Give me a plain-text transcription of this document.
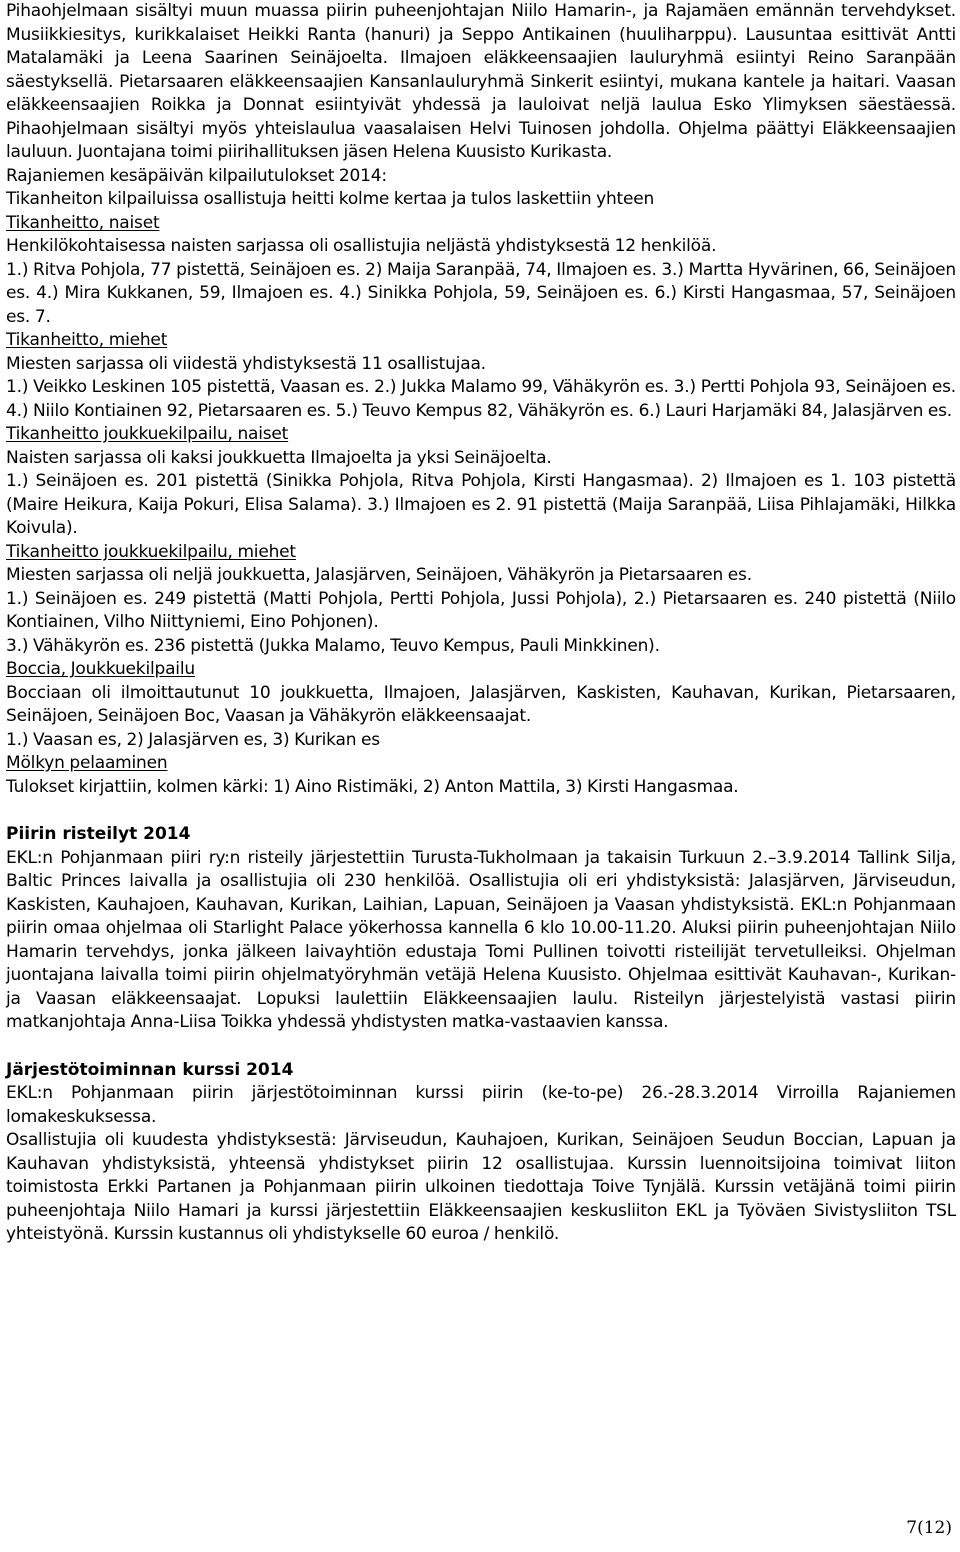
Pihaohjelmaan sisältyi muun muassa piirin puheenjohtajan Niilo Hamarin-, ja Rajamäen emännän tervehdykset. Musiikkiesitys, kurikkalaiset Heikki Ranta (hanuri) ja Seppo Antikainen (huuliharppu). Lausuntaa esittivät Antti Matalamäki ja Leena Saarinen Seinäjoelta. Ilmajoen eläkkeensaajien lauluryhmä esiintyi Reino Saranpään säestyksellä. Pietarsaaren eläkkeensaajien Kansanlauluryhmä Sinkerit esiintyi, mukana kantele ja haitari. Vaasan eläkkeensaajien Roikka ja Donnat esiintyivät yhdessä ja lauloivat neljä laulua Esko Ylimyksen säestäessä. Pihaohjelmaan sisältyi myös yhteislaulua vaasalaisen Helvi Tuinosen johdolla. Ohjelma päättyi Eläkkeensaajien lauluun. Juontajana toimi piirihallituksen jäsen Helena Kuusisto Kurikasta.

Rajaniemen kesäpäivän kilpailutulokset 2014:

Tikanheiton kilpailuissa osallistuja heitti kolme kertaa ja tulos laskettiin yhteen

Tikanheitto, naiset

Henkilökohtaisessa naisten sarjassa oli osallistujia neljästä yhdistyksestä 12 henkilöä.

1.) Ritva Pohjola, 77 pistettä, Seinäjoen es. 2) Maija Saranpää, 74, Ilmajoen es. 3.) Martta Hyvärinen, 66, Seinäjoen es. 4.) Mira Kukkanen, 59, Ilmajoen es. 4.) Sinikka Pohjola, 59, Seinäjoen es. 6.) Kirsti Hangasmaa, 57, Seinäjoen es. 7.

Tikanheitto, miehet

Miesten sarjassa oli viidestä yhdistyksestä 11 osallistujaa.

1.) Veikko Leskinen 105 pistettä, Vaasan es. 2.) Jukka Malamo 99, Vähäkyrön es. 3.) Pertti Pohjola 93, Seinäjoen es. 4.) Niilo Kontiainen 92, Pietarsaaren es. 5.) Teuvo Kempus 82, Vähäkyrön es. 6.) Lauri Harjamäki 84, Jalasjärven es.

Tikanheitto joukkuekilpailu, naiset

Naisten sarjassa oli kaksi joukkuetta Ilmajoelta ja yksi Seinäjoelta.

1.) Seinäjoen es. 201 pistettä (Sinikka Pohjola, Ritva Pohjola, Kirsti Hangasmaa). 2) Ilmajoen es 1. 103 pistettä (Maire Heikura, Kaija Pokuri, Elisa Salama). 3.) Ilmajoen es 2. 91 pistettä (Maija Saranpää, Liisa Pihlajamäki, Hilkka Koivula).

Tikanheitto joukkuekilpailu, miehet

Miesten sarjassa oli neljä joukkuetta, Jalasjärven, Seinäjoen, Vähäkyrön ja Pietarsaaren es.

1.) Seinäjoen es. 249 pistettä (Matti Pohjola, Pertti Pohjola, Jussi Pohjola), 2.) Pietarsaaren es. 240 pistettä (Niilo Kontiainen, Vilho Niittyniemi, Eino Pohjonen).

3.) Vähäkyrön es. 236 pistettä (Jukka Malamo, Teuvo Kempus, Pauli Minkkinen).

Boccia, Joukkuekilpailu

Bocciaan oli ilmoittautunut 10 joukkuetta, Ilmajoen, Jalasjärven, Kaskisten, Kauhavan, Kurikan, Pietarsaaren, Seinäjoen, Seinäjoen Boc, Vaasan ja Vähäkyrön eläkkeensaajat.

1.) Vaasan es, 2) Jalasjärven es, 3) Kurikan es

Mölkyn pelaaminen

Tulokset kirjattiin, kolmen kärki: 1) Aino Ristimäki, 2) Anton Mattila, 3) Kirsti Hangasmaa.

Piirin risteilyt 2014

EKL:n Pohjanmaan piiri ry:n risteily järjestettiin Turusta-Tukholmaan ja takaisin Turkuun 2.–3.9.2014 Tallink Silja, Baltic Princes laivalla ja osallistujia oli 230 henkilöä. Osallistujia oli eri yhdistyksistä: Jalasjärven, Järviseudun, Kaskisten, Kauhajoen, Kauhavan, Kurikan, Laihian, Lapuan, Seinäjoen ja Vaasan yhdistyksistä. EKL:n Pohjanmaan piirin omaa ohjelmaa oli Starlight Palace yökerhossa kannella 6 klo 10.00-11.20. Aluksi piirin puheenjohtajan Niilo Hamarin tervehdys, jonka jälkeen laivayhtiön edustaja Tomi Pullinen toivotti risteilijät tervetulleiksi. Ohjelman juontajana laivalla toimi piirin ohjelmatyöryhmän vetäjä Helena Kuusisto. Ohjelmaa esittivät Kauhavan-, Kurikan- ja Vaasan eläkkeensaajat. Lopuksi laulettiin Eläkkeensaajien laulu. Risteilyn järjestelyistä vastasi piirin matkanjohtaja Anna-Liisa Toikka yhdessä yhdistysten matka-vastaavien kanssa.

Järjestötoiminnan kurssi 2014

EKL:n Pohjanmaan piirin järjestötoiminnan kurssi piirin (ke-to-pe) 26.-28.3.2014 Virroilla Rajaniemen lomakeskuksessa.

Osallistujia oli kuudesta yhdistyksestä: Järviseudun, Kauhajoen, Kurikan, Seinäjoen Seudun Boccian, Lapuan ja Kauhavan yhdistyksistä, yhteensä yhdistykset piirin 12 osallistujaa. Kurssin luennoitsijoina toimivat liiton toimistosta Erkki Partanen ja Pohjanmaan piirin ulkoinen tiedottaja Toive Tynjälä. Kurssin vetäjänä toimi piirin puheenjohtaja Niilo Hamari ja kurssi järjestettiin Eläkkeensaajien keskusliiton EKL ja Työväen Sivistysliiton TSL yhteistyönä. Kurssin kustannus oli yhdistykselle 60 euroa / henkilö.

7(12)
